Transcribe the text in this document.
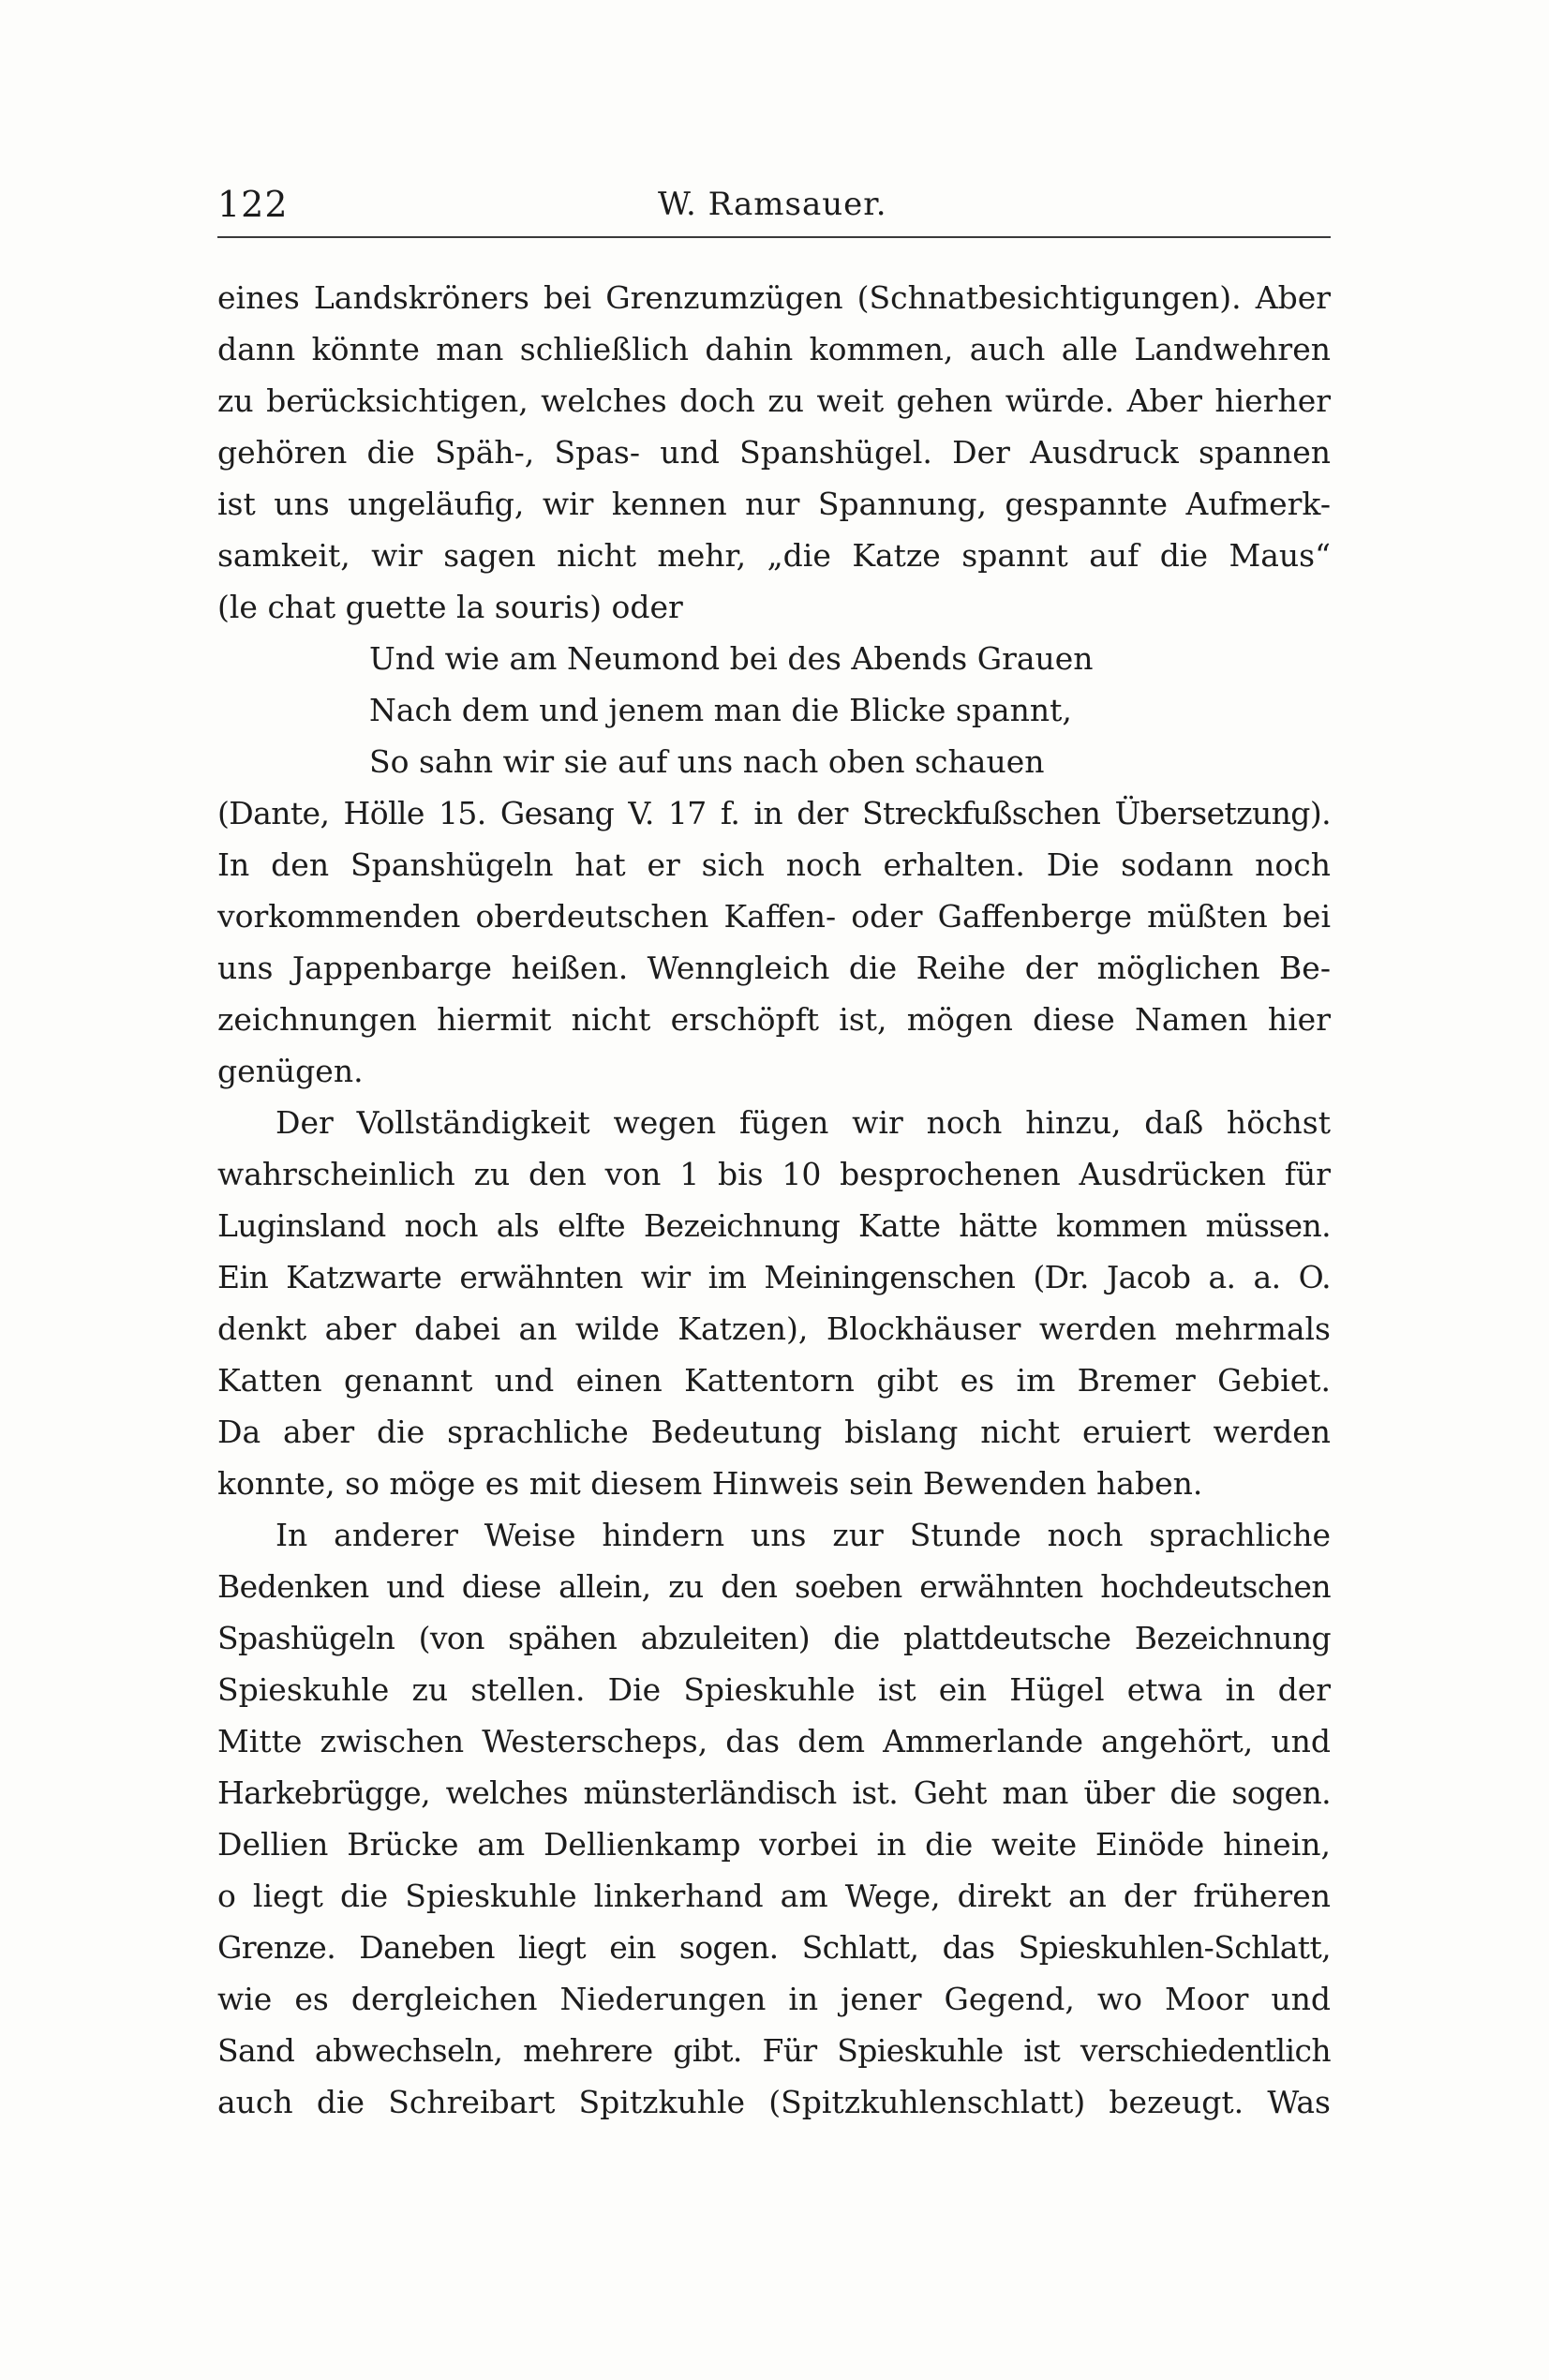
122	W. Ramsauer.
eines Landskröners bei Grenzumzügen (Schnatbesichtigungen). Aber
dann könnte man schließlich dahin kommen, auch alle Landwehren
zu berücksichtigen, welches doch zu weit gehen würde. Aber hierher
gehören die Späh-, Spas- und Spanshügel. Der Ausdruck spannen
ist uns ungeläufig, wir kennen nur Spannung, gespannte Aufmerk-
samkeit, wir sagen nicht mehr, „die Katze spannt auf die Maus“
(le chat guette la souris) oder
Und wie am Neumond bei des Abends Grauen
Nach dem und jenem man die Blicke spannt,
So sahn wir sie auf uns nach oben schauen
(Dante, Hölle 15. Gesang V. 17 f. in der Streckfußschen Übersetzung).
In den Spanshügeln hat er sich noch erhalten. Die sodann noch
vorkommenden oberdeutschen Kaffen- oder Gaffenberge müßten bei
uns Jappenbarge heißen. Wenngleich die Reihe der möglichen Be-
zeichnungen hiermit nicht erschöpft ist, mögen diese Namen hier
genügen.
Der Vollständigkeit wegen fügen wir noch hinzu, daß höchst
wahrscheinlich zu den von 1 bis 10 besprochenen Ausdrücken für
Luginsland noch als elfte Bezeichnung Katte hätte kommen müssen.
Ein Katzwarte erwähnten wir im Meiningenschen (Dr. Jacob a. a. O.
denkt aber dabei an wilde Katzen), Blockhäuser werden mehrmals
Katten genannt und einen Kattentorn gibt es im Bremer Gebiet.
Da aber die sprachliche Bedeutung bislang nicht eruiert werden
konnte, so möge es mit diesem Hinweis sein Bewenden haben.
In anderer Weise hindern uns zur Stunde noch sprachliche
Bedenken und diese allein, zu den soeben erwähnten hochdeutschen
Spashügeln (von spähen abzuleiten) die plattdeutsche Bezeichnung
Spieskuhle zu stellen. Die Spieskuhle ist ein Hügel etwa in der
Mitte zwischen Westerscheps, das dem Ammerlande angehört, und
Harkebrügge, welches münsterländisch ist. Geht man über die sogen.
Dellien Brücke am Dellienkamp vorbei in die weite Einöde hinein,
o liegt die Spieskuhle linkerhand am Wege, direkt an der früheren
Grenze. Daneben liegt ein sogen. Schlatt, das Spieskuhlen-Schlatt,
wie es dergleichen Niederungen in jener Gegend, wo Moor und
Sand abwechseln, mehrere gibt. Für Spieskuhle ist verschiedentlich
auch die Schreibart Spitzkuhle (Spitzkuhlenschlatt) bezeugt. Was
